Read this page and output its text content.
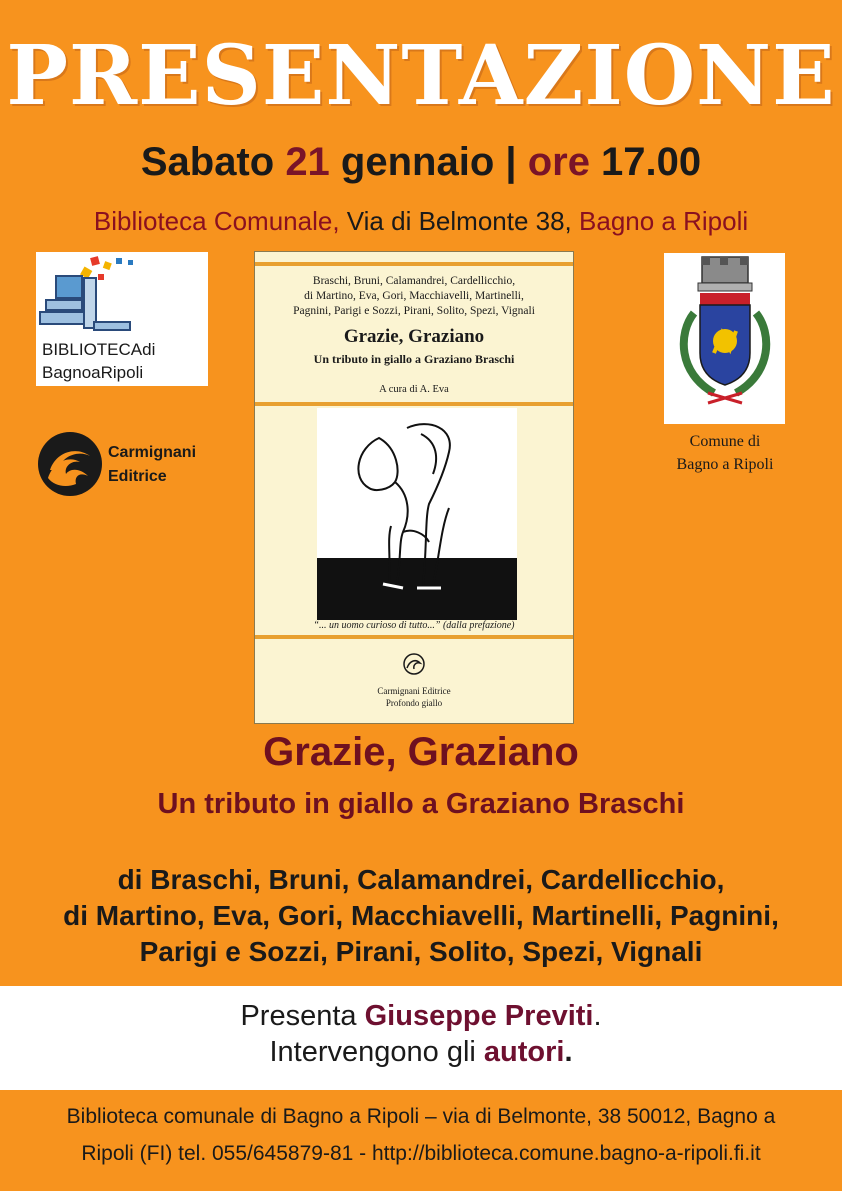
PRESENTAZIONE
Sabato 21 gennaio | ore 17.00
Biblioteca Comunale, Via di Belmonte 38, Bagno a Ripoli
BIBLIOTECAdi
BagnoaRipoli
Carmignani
Editrice
Comune di
Bagno a Ripoli
Braschi, Bruni, Calamandrei, Cardellicchio,
di Martino, Eva, Gori, Macchiavelli, Martinelli,
Pagnini, Parigi e Sozzi, Pirani, Solito, Spezi, Vignali
Grazie, Graziano
Un tributo in giallo a Graziano Braschi
A cura di A. Eva
“... un uomo curioso di tutto...” (dalla prefazione)
Carmignani Editrice
Profondo giallo
Grazie, Graziano
Un tributo in giallo a Graziano Braschi
di Braschi, Bruni, Calamandrei, Cardellicchio,
di Martino, Eva, Gori, Macchiavelli, Martinelli, Pagnini,
Parigi e Sozzi, Pirani, Solito, Spezi, Vignali
Presenta Giuseppe Previti.
Intervengono gli autori.
Biblioteca comunale di Bagno a Ripoli – via di Belmonte, 38 50012, Bagno a
Ripoli (FI) tel. 055/645879-81 - http://biblioteca.comune.bagno-a-ripoli.fi.it
